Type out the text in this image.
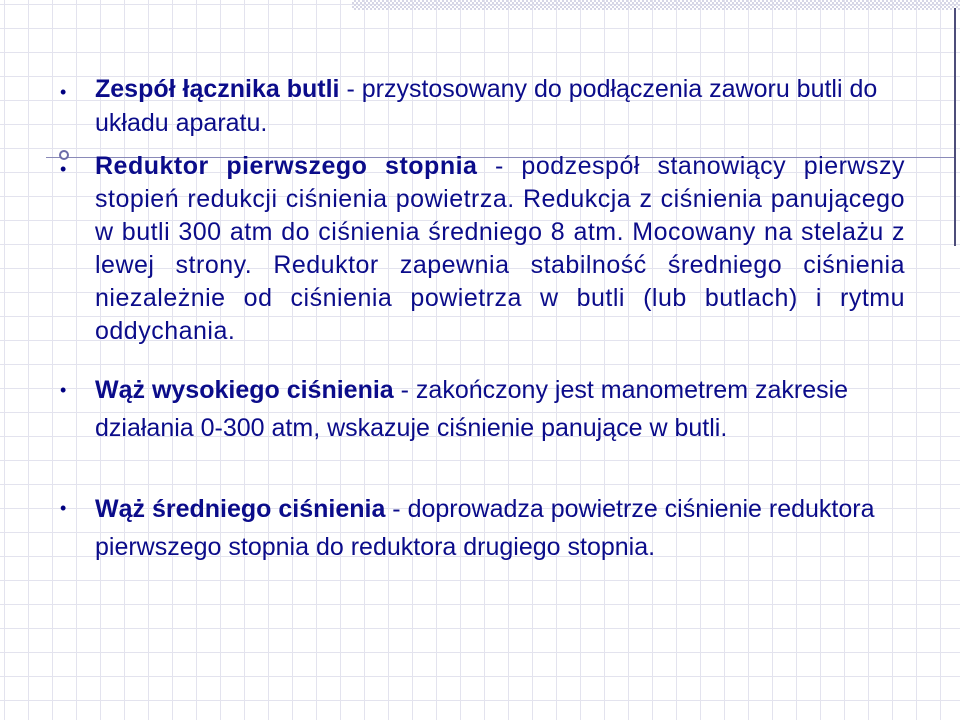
• Zespół łącznika butli - przystosowany do podłączenia zaworu butli do układu aparatu.

• Reduktor pierwszego stopnia - podzespół stanowiący pierwszy stopień redukcji ciśnienia powietrza. Redukcja z ciśnienia panującego w butli 300 atm do ciśnienia średniego 8 atm. Mocowany na stelażu z lewej strony. Reduktor zapewnia stabilność średniego ciśnienia niezależnie od ciśnienia powietrza w butli (lub butlach) i rytmu oddychania.

• Wąż wysokiego ciśnienia - zakończony jest manometrem zakresie działania 0-300 atm, wskazuje ciśnienie panujące w butli.

• Wąż średniego ciśnienia - doprowadza powietrze ciśnienie reduktora pierwszego stopnia do reduktora drugiego stopnia.
